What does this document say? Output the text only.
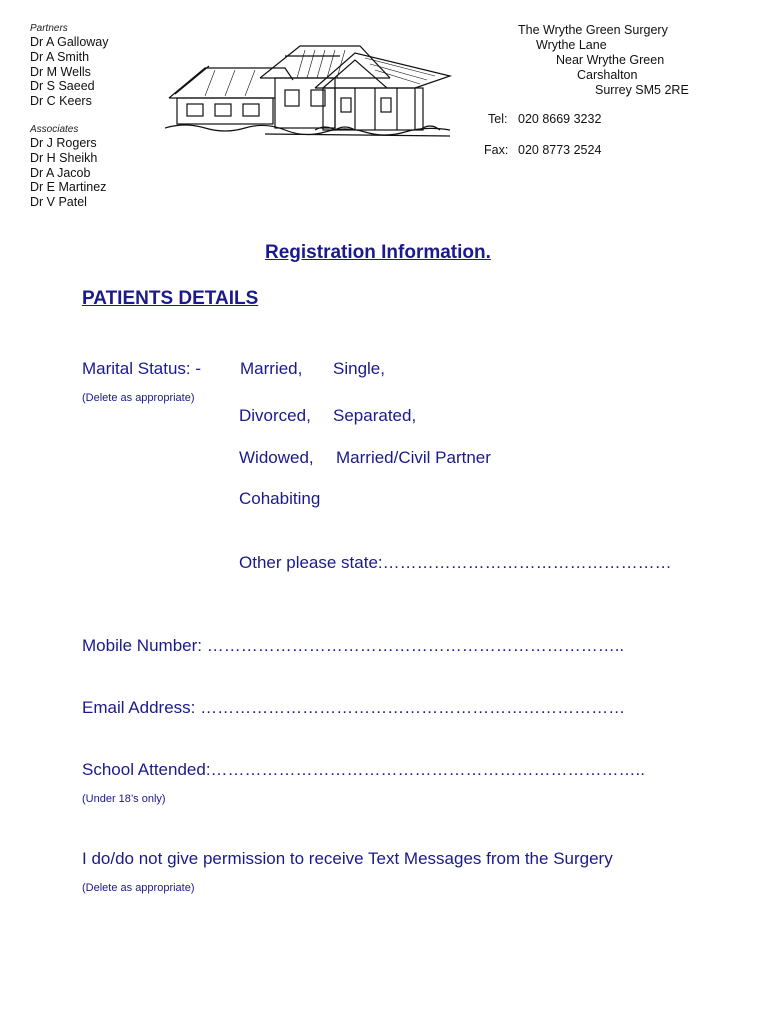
Partners
Dr A Galloway
Dr A Smith
Dr M Wells
Dr S Saeed
Dr C Keers
Associates
Dr J Rogers
Dr H Sheikh
Dr A Jacob
Dr E Martinez
Dr V Patel
The Wrythe Green Surgery
Wrythe Lane
Near Wrythe Green
Carshalton
Surrey SM5 2RE
Tel: 020 8669 3232
Fax: 020 8773 2524
Registration Information.
PATIENTS DETAILS
Marital Status: -
(Delete as appropriate)
Married, Single,
Divorced, Separated,
Widowed, Married/Civil Partner
Cohabiting
Other please state:……………………………………………
Mobile Number: ………………………………………………………………..
Email Address: …………………………………………………………………
School Attended:…………………………………………………………………..
(Under 18’s only)
I do/do not give permission to receive Text Messages from the Surgery
(Delete as appropriate)
